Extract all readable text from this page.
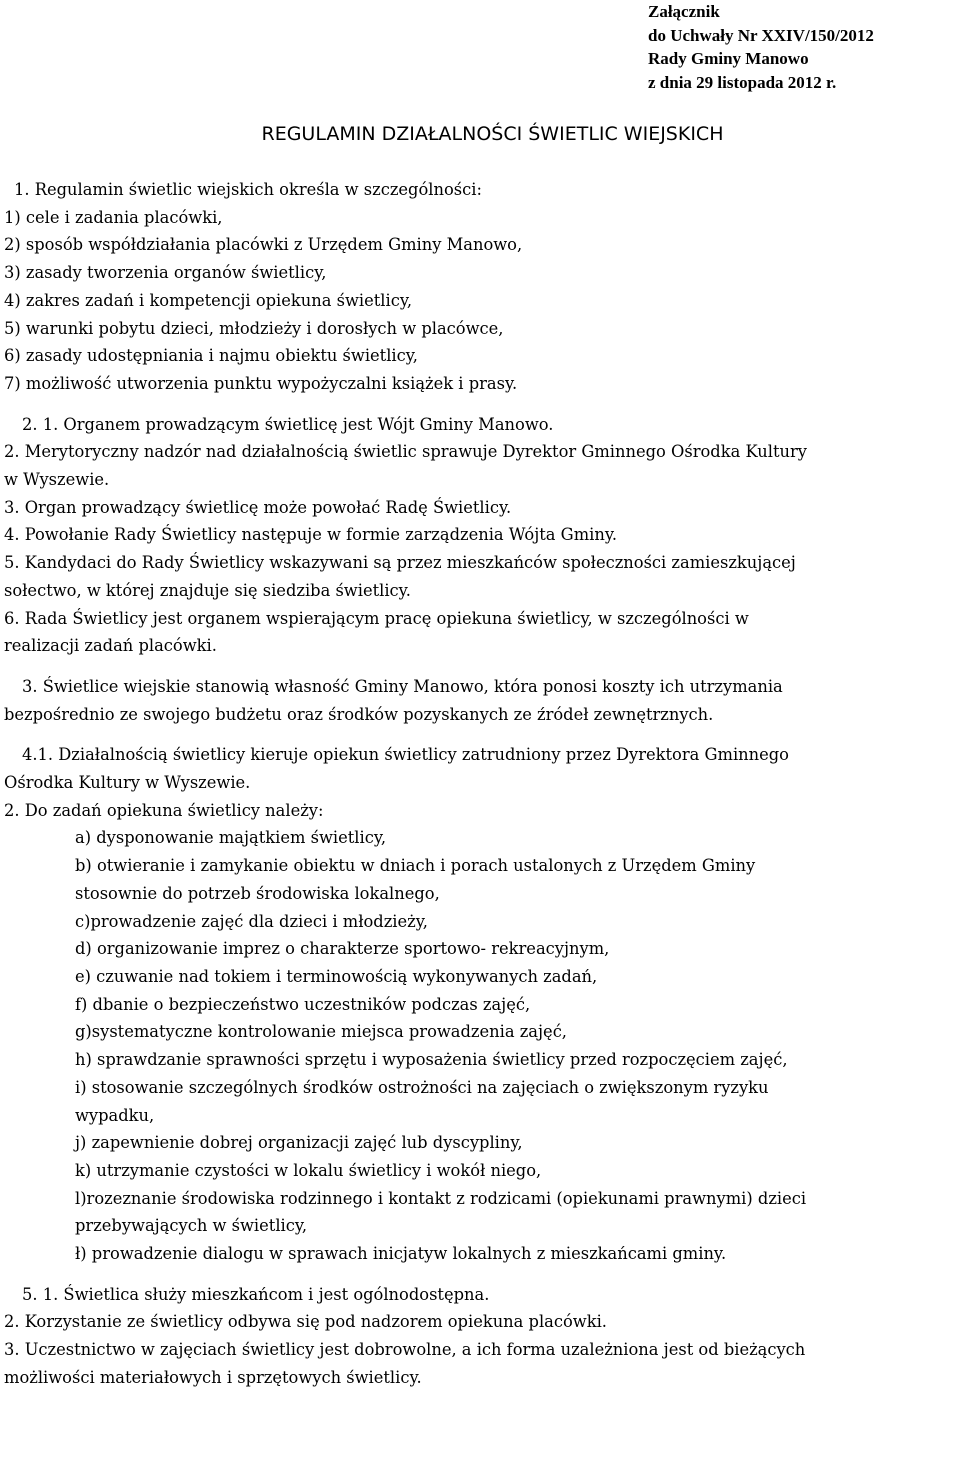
Załącznik
do Uchwały Nr XXIV/150/2012
Rady Gminy Manowo
z dnia 29 listopada 2012 r.
REGULAMIN DZIAŁALNOŚCI ŚWIETLIC WIEJSKICH
1. Regulamin świetlic wiejskich określa w szczególności:
1) cele i zadania placówki,
2) sposób współdziałania placówki z Urzędem Gminy Manowo,
3) zasady tworzenia organów świetlicy,
4) zakres zadań i kompetencji opiekuna świetlicy,
5) warunki pobytu dzieci, młodzieży i dorosłych w placówce,
6) zasady udostępniania i najmu obiektu świetlicy,
7) możliwość utworzenia punktu wypożyczalni książek i prasy.
2. 1. Organem prowadzącym świetlicę jest Wójt Gminy Manowo.
2. Merytoryczny nadzór nad działalnością świetlic sprawuje Dyrektor Gminnego Ośrodka Kultury
w Wyszewie.
3. Organ prowadzący świetlicę może powołać Radę Świetlicy.
4. Powołanie Rady Świetlicy następuje w formie zarządzenia Wójta Gminy.
5. Kandydaci do Rady Świetlicy wskazywani są przez mieszkańców społeczności zamieszkującej
sołectwo, w której znajduje się siedziba świetlicy.
6. Rada Świetlicy jest organem wspierającym pracę opiekuna świetlicy, w szczególności w
realizacji zadań placówki.
3. Świetlice wiejskie stanowią własność Gminy Manowo, która ponosi koszty ich utrzymania
bezpośrednio ze swojego budżetu oraz środków pozyskanych ze źródeł zewnętrznych.
4.1. Działalnością świetlicy kieruje opiekun świetlicy zatrudniony przez Dyrektora Gminnego
Ośrodka Kultury w Wyszewie.
2. Do zadań opiekuna świetlicy należy:
a) dysponowanie majątkiem świetlicy,
b) otwieranie i zamykanie obiektu w dniach i porach ustalonych z Urzędem Gminy
stosownie do potrzeb środowiska lokalnego,
c)prowadzenie zajęć dla dzieci i młodzieży,
d) organizowanie imprez o charakterze sportowo- rekreacyjnym,
e) czuwanie nad tokiem i terminowością wykonywanych zadań,
f) dbanie o bezpieczeństwo uczestników podczas zajęć,
g)systematyczne kontrolowanie miejsca prowadzenia zajęć,
h) sprawdzanie sprawności sprzętu i wyposażenia świetlicy przed rozpoczęciem zajęć,
i) stosowanie szczególnych środków ostrożności na zajęciach o zwiększonym ryzyku
wypadku,
j) zapewnienie dobrej organizacji zajęć lub dyscypliny,
k) utrzymanie czystości w lokalu świetlicy i wokół niego,
l)rozeznanie środowiska rodzinnego i kontakt z rodzicami (opiekunami prawnymi) dzieci
przebywających w świetlicy,
ł) prowadzenie dialogu w sprawach inicjatyw lokalnych z mieszkańcami gminy.
5. 1. Świetlica służy mieszkańcom i jest ogólnodostępna.
2. Korzystanie ze świetlicy odbywa się pod nadzorem opiekuna placówki.
3. Uczestnictwo w zajęciach świetlicy jest dobrowolne, a ich forma uzależniona jest od bieżących
możliwości materiałowych i sprzętowych świetlicy.
